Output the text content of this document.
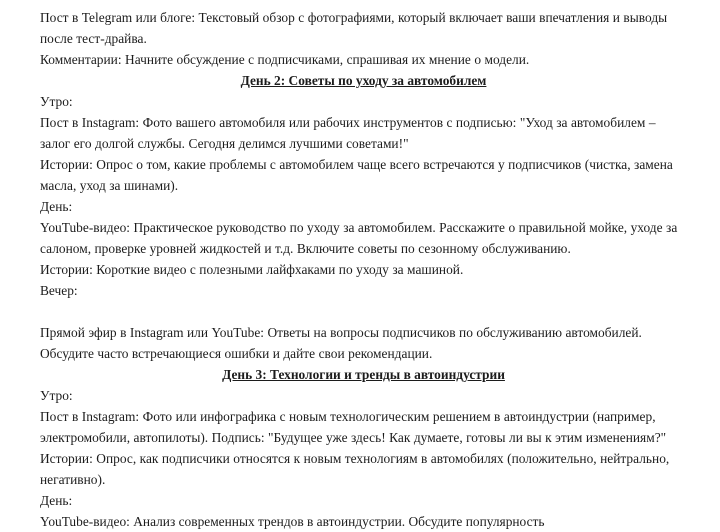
Пост в Telegram или блоге: Текстовый обзор с фотографиями, который включает ваши впечатления и выводы после тест-драйва.

Комментарии: Начните обсуждение с подписчиками, спрашивая их мнение о модели.

День 2: Советы по уходу за автомобилем

Утро:

Пост в Instagram: Фото вашего автомобиля или рабочих инструментов с подписью: "Уход за автомобилем – залог его долгой службы. Сегодня делимся лучшими советами!"

Истории: Опрос о том, какие проблемы с автомобилем чаще всего встречаются у подписчиков (чистка, замена масла, уход за шинами).

День:

YouTube-видео: Практическое руководство по уходу за автомобилем. Расскажите о правильной мойке, уходе за салоном, проверке уровней жидкостей и т.д. Включите советы по сезонному обслуживанию.

Истории: Короткие видео с полезными лайфхаками по уходу за машиной.

Вечер:

Прямой эфир в Instagram или YouTube: Ответы на вопросы подписчиков по обслуживанию автомобилей. Обсудите часто встречающиеся ошибки и дайте свои рекомендации.

День 3: Технологии и тренды в автоиндустрии

Утро:

Пост в Instagram: Фото или инфографика с новым технологическим решением в автоиндустрии (например, электромобили, автопилоты). Подпись: "Будущее уже здесь! Как думаете, готовы ли вы к этим изменениям?"

Истории: Опрос, как подписчики относятся к новым технологиям в автомобилях (положительно, нейтрально, негативно).

День:

YouTube-видео: Анализ современных трендов в автоиндустрии. Обсудите популярность
